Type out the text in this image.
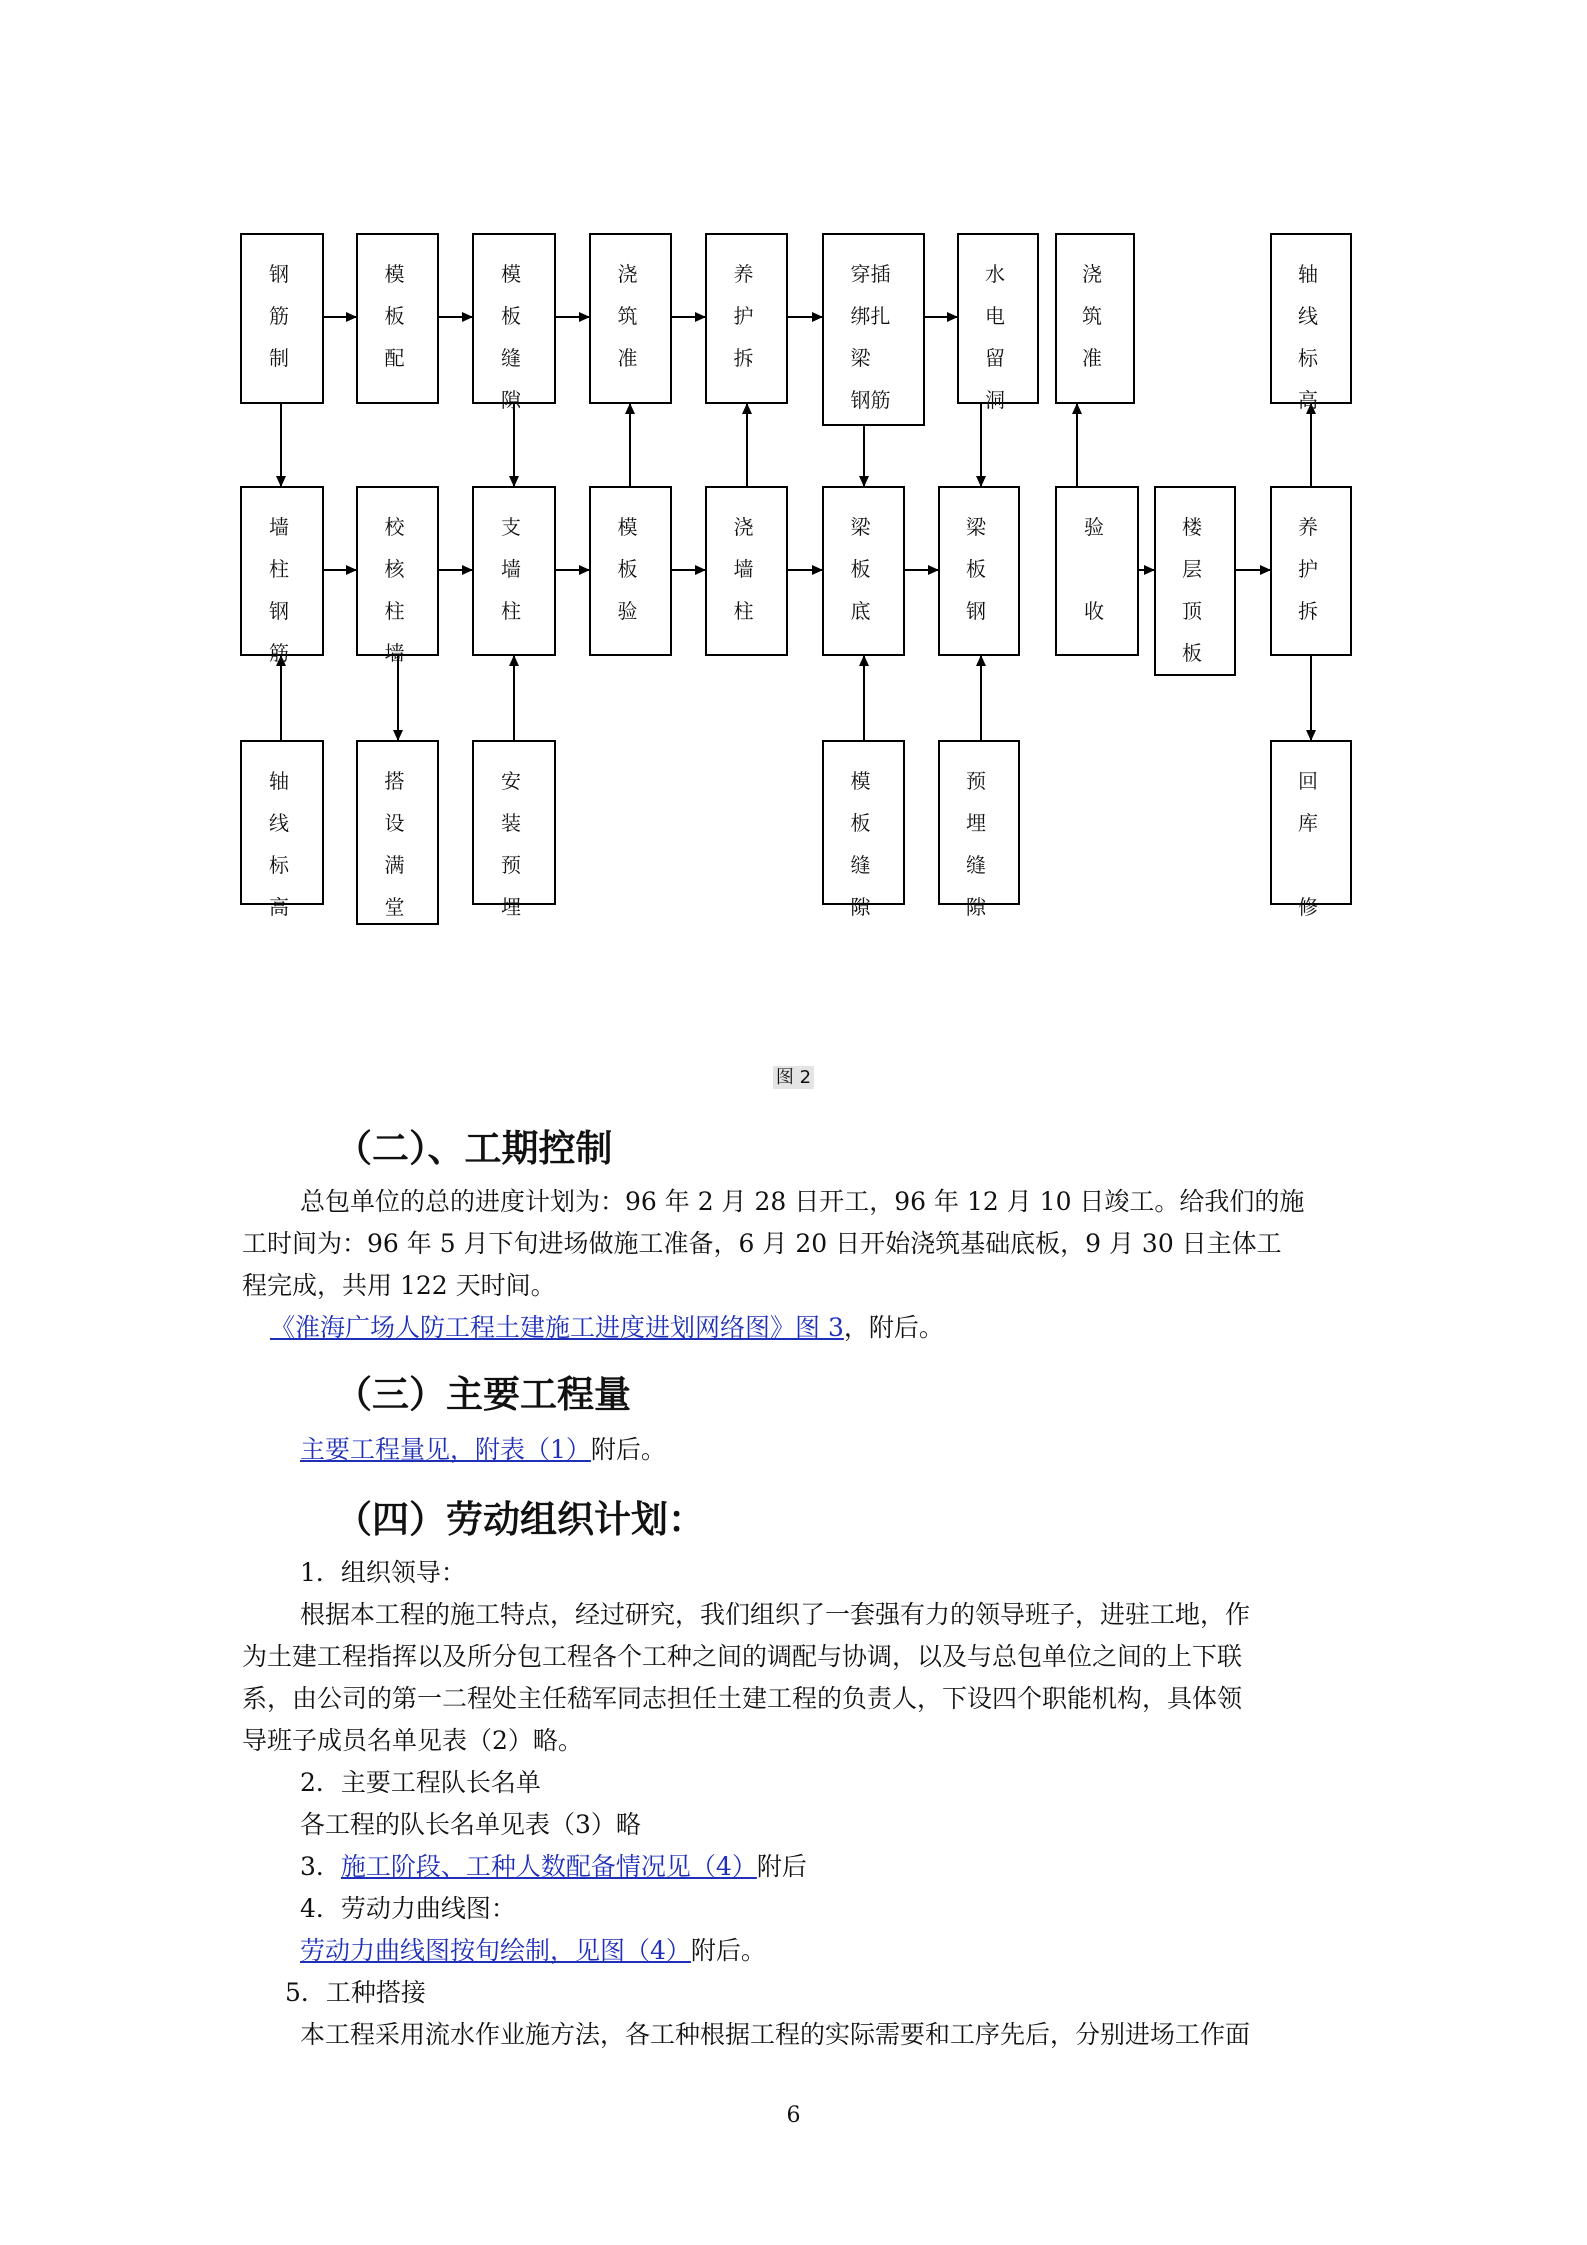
钢
筋
制
模
板
配
模
板
缝
隙
浇
筑
准
养
护
拆
穿插
绑扎
梁
钢筋
水
电
留
洞
浇
筑
准
轴
线
标
高
墙
柱
钢
筋
校
核
柱
墙
支
墙
柱
模
板
验
浇
墙
柱
梁
板
底
梁
板
钢
验

收
楼
层
顶
板
养
护
拆
轴
线
标
高
搭
设
满
堂
安
装
预
埋
模
板
缝
隙
预
埋
缝
隙
回
库

修
图 2
（二）、工期控制
总包单位的总的进度计划为：96 年 2 月 28 日开工，96 年 12 月 10 日竣工。给我们的施
工时间为：96 年 5 月下旬进场做施工准备，6 月 20 日开始浇筑基础底板，9 月 30 日主体工
程完成，共用 122 天时间。
《淮海广场人防工程土建施工进度进划网络图》图 3，附后。
（三）主要工程量
主要工程量见，附表（1）附后。
（四）劳动组织计划：
1．组织领导：
根据本工程的施工特点，经过研究，我们组织了一套强有力的领导班子，进驻工地，作
为土建工程指挥以及所分包工程各个工种之间的调配与协调，以及与总包单位之间的上下联
系，由公司的第一二程处主任嵇军同志担任土建工程的负责人，下设四个职能机构，具体领
导班子成员名单见表（2）略。
2．主要工程队长名单
各工程的队长名单见表（3）略
3．施工阶段、工种人数配备情况见（4）附后
4．劳动力曲线图：
劳动力曲线图按旬绘制，见图（4）附后。
5．工种搭接
本工程采用流水作业施方法，各工种根据工程的实际需要和工序先后，分别进场工作面
6
